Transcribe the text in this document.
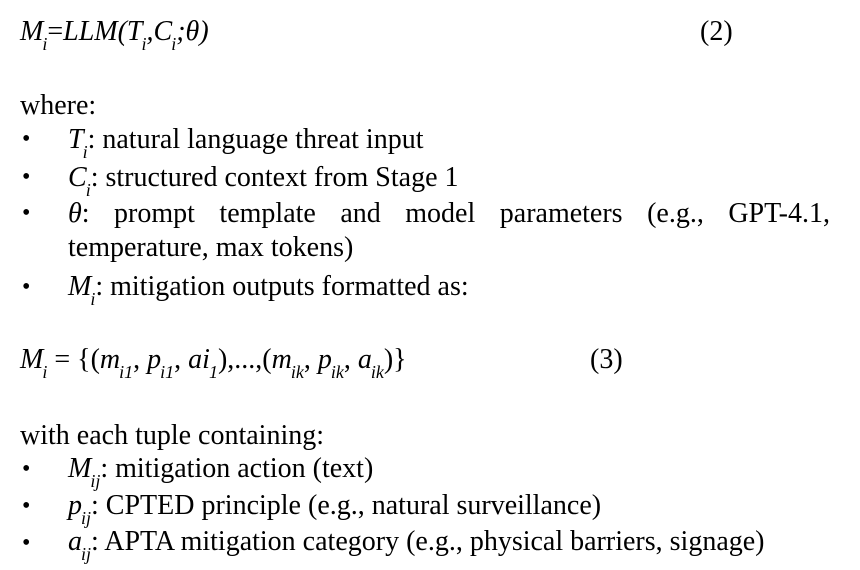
$M_i=LLM(T_i,C_i;\theta)$	(2)
where:
• $T_i$: natural language threat input
• $C_i$: structured context from Stage 1
• θ: prompt template and model parameters (e.g., GPT-4.1,
temperature, max tokens)
• $M_i$: mitigation outputs formatted as:
$M_i = \{(m_{i1}$, $p_{i1}$, $ai_1),...,(m_{ik}$, $p_{ik}$, $a_{ik}$)}	(3)
with each tuple containing:
• $M_{ij}$: mitigation action (text)
• $p_{ij}$: CPTED principle (e.g., natural surveillance)
• $a_{ij}$: APTA mitigation category (e.g., physical barriers, signage)
